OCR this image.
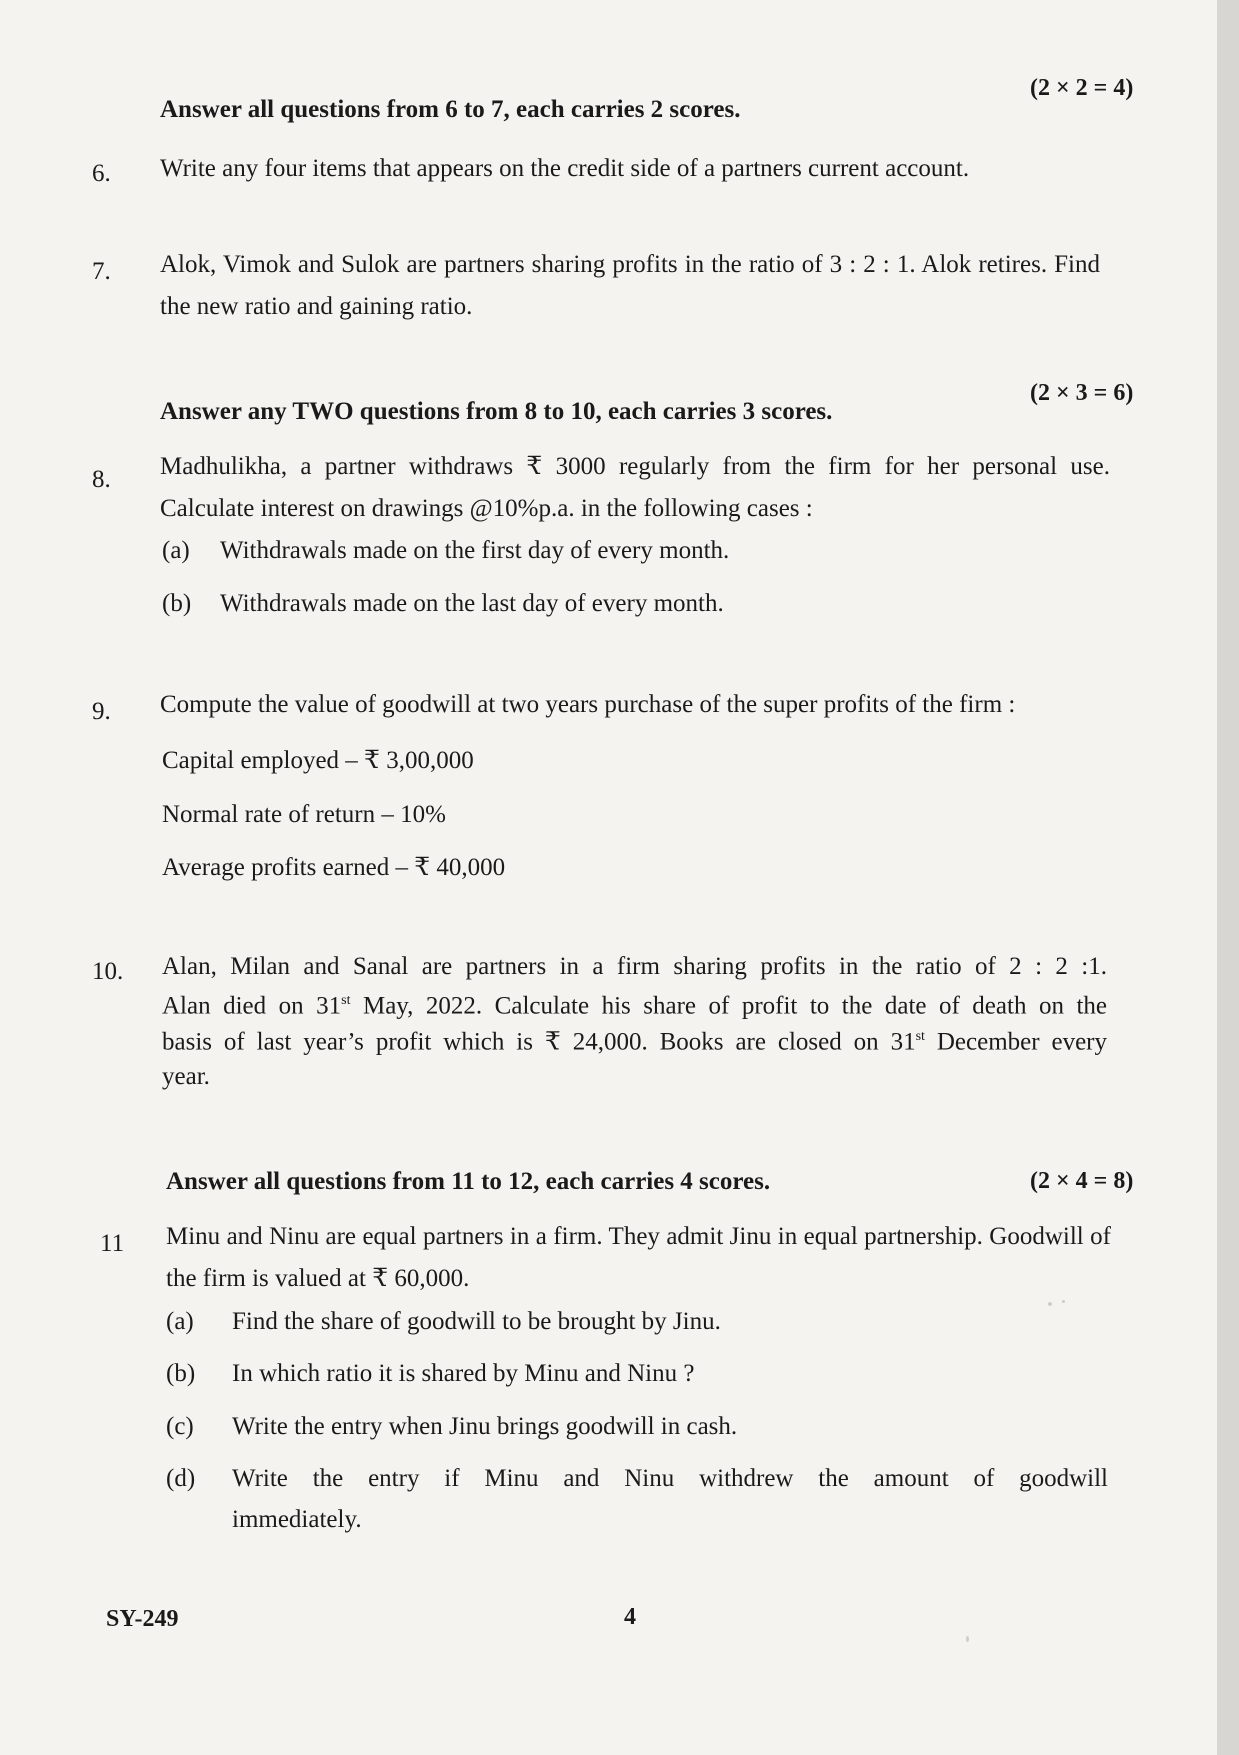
Answer all questions from 6 to 7, each carries 2 scores.
(2 × 2 = 4)
6. Write any four items that appears on the credit side of a partners current account.
7. Alok, Vimok and Sulok are partners sharing profits in the ratio of 3 : 2 : 1. Alok retires. Find the new ratio and gaining ratio.
Answer any TWO questions from 8 to 10, each carries 3 scores.
(2 × 3 = 6)
8. Madhulikha, a partner withdraws ₹ 3000 regularly from the firm for her personal use. Calculate interest on drawings @10%p.a. in the following cases :
(a) Withdrawals made on the first day of every month.
(b) Withdrawals made on the last day of every month.
9. Compute the value of goodwill at two years purchase of the super profits of the firm :
Capital employed – ₹ 3,00,000
Normal rate of return – 10%
Average profits earned – ₹ 40,000
10. Alan, Milan and Sanal are partners in a firm sharing profits in the ratio of 2 : 2 :1.
Alan died on 31st May, 2022. Calculate his share of profit to the date of death on the
basis of last year’s profit which is ₹ 24,000. Books are closed on 31st December every
year.
Answer all questions from 11 to 12, each carries 4 scores.	(2 × 4 = 8)
11 Minu and Ninu are equal partners in a firm. They admit Jinu in equal partnership. Goodwill of the firm is valued at ₹ 60,000.
(a) Find the share of goodwill to be brought by Jinu.
(b) In which ratio it is shared by Minu and Ninu ?
(c) Write the entry when Jinu brings goodwill in cash.
(d) Write the entry if Minu and Ninu withdrew the amount of goodwill
immediately.
SY-249	4
